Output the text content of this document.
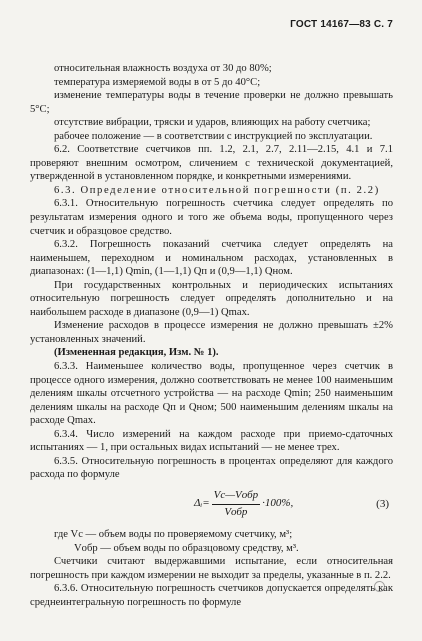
ГОСТ 14167—83 С. 7

относительная влажность воздуха от 30 до 80%;

температура измеряемой воды в от 5 до 40°С;

изменение температуры воды в течение проверки не должно превышать 5°С;

отсутствие вибрации, тряски и ударов, влияющих на работу счетчика;

рабочее положение — в соответствии с инструкцией по эксплуатации.

6.2. Соответствие счетчиков пп. 1.2, 2.1, 2.7, 2.11—2.15, 4.1 и 7.1 проверяют внешним осмотром, сличением с технической документацией, утвержденной в установленном порядке, и конкретными измерениями.

6.3. Определение относительной погрешности (п. 2.2)

6.3.1. Относительную погрешность счетчика следует определять по результатам измерения одного и того же объема воды, пропущенного через счетчик и образцовое средство.

6.3.2. Погрешность показаний счетчика следует определять на наименьшем, переходном и номинальном расходах, установленных в диапазонах: (1—1,1) Qmin, (1—1,1) Qп и (0,9—1,1) Qном.

При государственных контрольных и периодических испытаниях относительную погрешность следует определять дополнительно и на наибольшем расходе в диапазоне (0,9—1) Qmax.

Изменение расходов в процессе измерения не должно превышать ±2% установленных значений.

(Измененная редакция, Изм. № 1).

6.3.3. Наименьшее количество воды, пропущенное через счетчик в процессе одного измерения, должно соответствовать не менее 100 наименьшим делениям шкалы отсчетного устройства — на расходе Qmin; 250 наименьшим делениям шкалы на расходе Qп и Qном; 500 наименьшим делениям шкалы на расходе Qmax.

6.3.4. Число измерений на каждом расходе при приемо-сдаточных испытаниях — 1, при остальных видах испытаний — не менее трех.

6.3.5. Относительную погрешность в процентах определяют для каждого расхода по формуле

Δᵢ= $\frac{\text{Vc—Vобр}}{\text{Vобр}} \cdot 100\%$,	(3)

где Vc — объем воды по проверяемому счетчику, м³;

Vобр — объем воды по образцовому средству, м³.

Счетчики считают выдержавшими испытание, если относительная погрешность при каждом измерении не выходит за пределы, указанные в п. 2.2.

6.3.6. Относительную погрешность счетчиков допускается определять как среднеинтегральную погрешность по формуле
